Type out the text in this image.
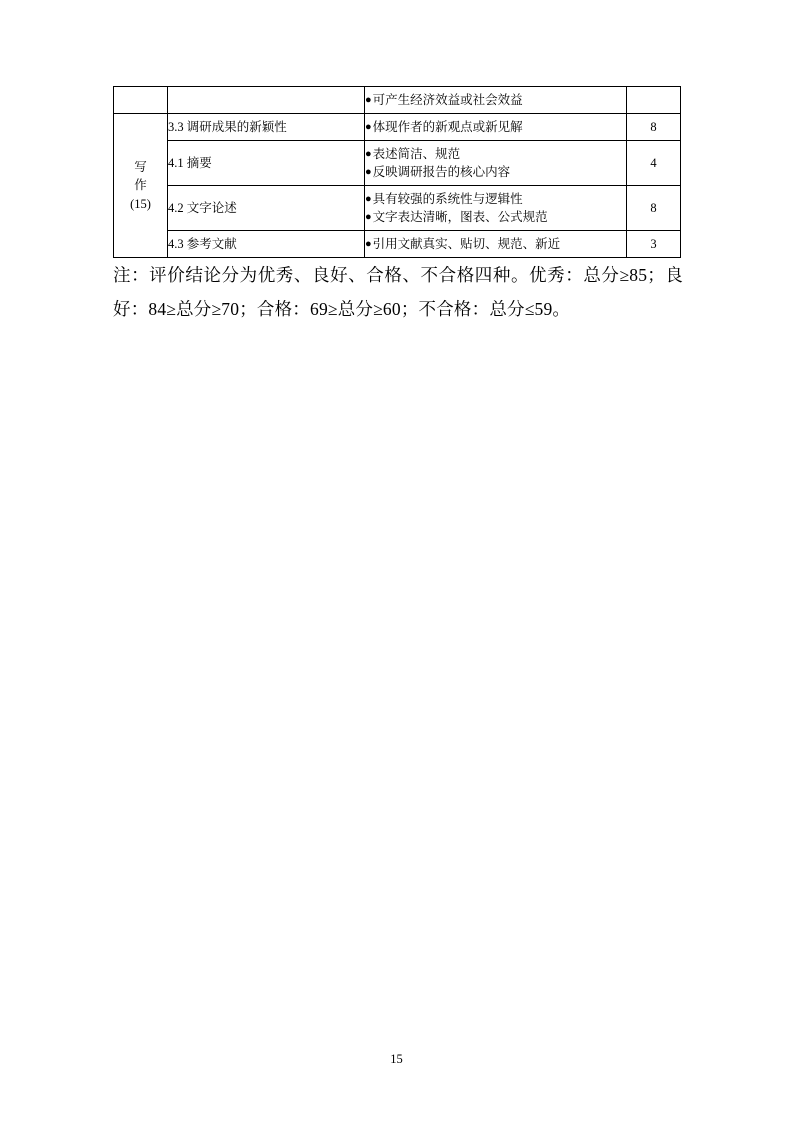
		●可产生经济效益或社会效益	

写
作
(15)	3.3 调研成果的新颖性	●体现作者的新观点或新见解	8
	4.1 摘要	●表述简洁、规范
●反映调研报告的核心内容	4
	4.2 文字论述	●具有较强的系统性与逻辑性
●文字表达清晰，图表、公式规范	8
	4.3 参考文献	●引用文献真实、贴切、规范、新近	3

注：评价结论分为优秀、良好、合格、不合格四种。优秀：总分≥85；良好：84≥总分≥70；合格：69≥总分≥60；不合格：总分≤59。

15
